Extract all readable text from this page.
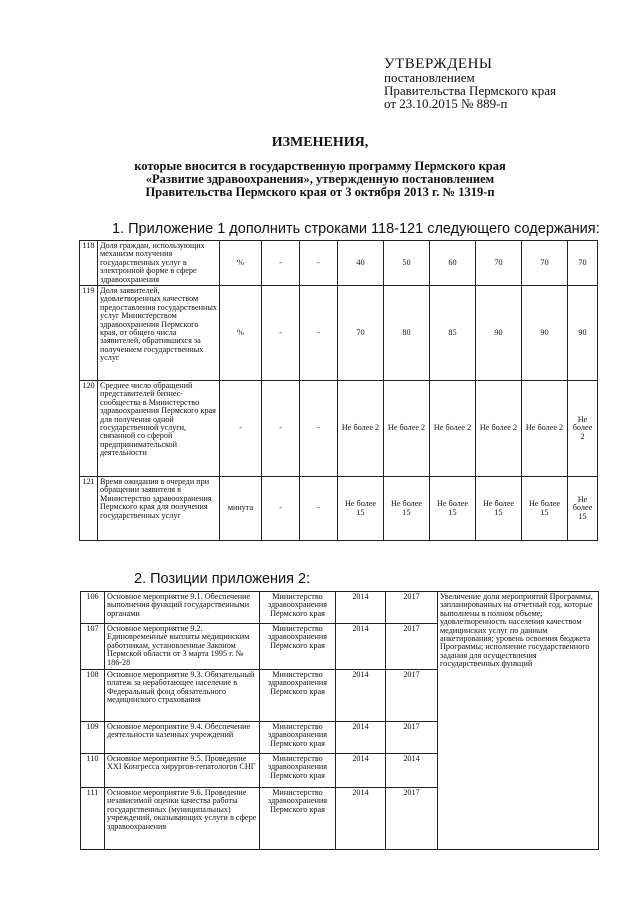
УТВЕРЖДЕНЫ
постановлением
Правительства Пермского края
от 23.10.2015 № 889-п
ИЗМЕНЕНИЯ,
которые вносится в государственную программу Пермского края
«Развитие здравоохранения», утвержденную постановлением
Правительства Пермского края от 3 октября 2013 г. № 1319-п
1. Приложение 1 дополнить строками 118-121 следующего содержания:
118	Доля граждан, использующих механизм получения государственных услуг в электронной форме в сфере здравоохранения	%	-	-	40	50	60	70	70	70
119	Доля заявителей, удовлетворенных качеством предоставления государственных услуг Министерством здравоохранения Пермского края, от общего числа заявителей, обратившихся за получением государственных услуг	%	-	-	70	80	85	90	90	90
120	Среднее число обращений представителей бизнес-сообщества в Министерство здравоохранения Пермского края для получения одной государственной услуги, связанной со сферой предпринимательской деятельности	-	-	-	Не более 2	Не более 2	Не более 2	Не более 2	Не более 2	Не более 2
121	Время ожидания в очереди при обращении заявителя в Министерство здравоохранения Пермского края для получения государственных услуг	минута	-	-	Не более 15	Не более 15	Не более 15	Не более 15	Не более 15	Не более 15
2. Позиции приложения 2:
106	Основное мероприятие 9.1. Обеспечение выполнения функций государственными органами	Министерство здравоохранения Пермского края	2014	2017	Увеличение доли мероприятий Программы, запланированных на отчетный год, которые выполнены в полном объеме; удовлетворенность населения качеством медицинских услуг по данным анкетирования; уровень освоения бюджета Программы; исполнение государственного задания для осуществления государственных функций
107	Основное мероприятие 9.2. Единовременные выплаты медицинским работникам, установленные Законом Пермской области от 3 марта 1995 г. № 186-28	Министерство здравоохранения Пермского края	2014	2017	
108	Основное мероприятие 9.3. Обязательный платеж за неработающее население в Федеральный фонд обязательного медицинского страхования	Министерство здравоохранения Пермского края	2014	2017	
109	Основное мероприятие 9.4. Обеспечение деятельности казенных учреждений	Министерство здравоохранения Пермского края	2014	2017	
110	Основное мероприятие 9.5. Проведение XXI Конгресса хирургов-гепатологов СНГ	Министерство здравоохранения Пермского края	2014	2014	
111	Основное мероприятие 9.6. Проведение независимой оценки качества работы государственных (муниципальных) учреждений, оказывающих услуги в сфере здравоохранения	Министерство здравоохранения Пермского края	2014	2017	
